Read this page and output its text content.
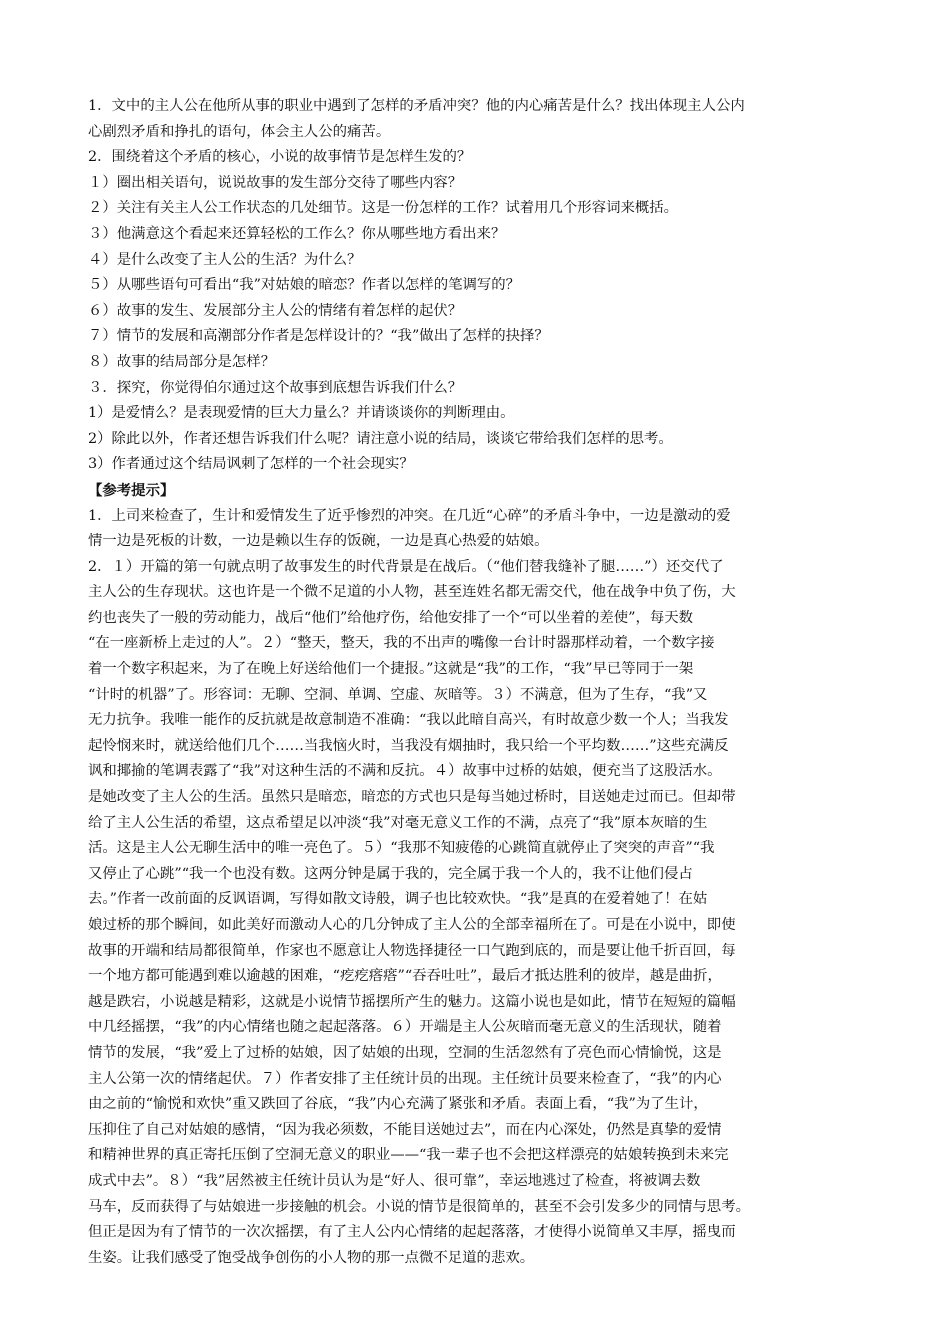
1．文中的主人公在他所从事的职业中遇到了怎样的矛盾冲突？他的内心痛苦是什么？找出体现主人公内
心剧烈矛盾和挣扎的语句，体会主人公的痛苦。
2．围绕着这个矛盾的核心，小说的故事情节是怎样生发的？
１）圈出相关语句，说说故事的发生部分交待了哪些内容？
２）关注有关主人公工作状态的几处细节。这是一份怎样的工作？试着用几个形容词来概括。
３）他满意这个看起来还算轻松的工作么？你从哪些地方看出来？
４）是什么改变了主人公的生活？为什么？
５）从哪些语句可看出“我”对姑娘的暗恋？作者以怎样的笔调写的？
６）故事的发生、发展部分主人公的情绪有着怎样的起伏？
７）情节的发展和高潮部分作者是怎样设计的？“我”做出了怎样的抉择？
８）故事的结局部分是怎样？
３．探究，你觉得伯尔通过这个故事到底想告诉我们什么？
1）是爱情么？是表现爱情的巨大力量么？并请谈谈你的判断理由。
2）除此以外，作者还想告诉我们什么呢？请注意小说的结局，谈谈它带给我们怎样的思考。
3）作者通过这个结局讽刺了怎样的一个社会现实？
【参考提示】
1．上司来检查了，生计和爱情发生了近乎惨烈的冲突。在几近“心碎”的矛盾斗争中，一边是激动的爱
情一边是死板的计数，一边是赖以生存的饭碗，一边是真心热爱的姑娘。
2．１）开篇的第一句就点明了故事发生的时代背景是在战后。（“他们替我缝补了腿……”）还交代了
主人公的生存现状。这也许是一个微不足道的小人物，甚至连姓名都无需交代，他在战争中负了伤，大
约也丧失了一般的劳动能力，战后“他们”给他疗伤，给他安排了一个“可以坐着的差使”，每天数
“在一座新桥上走过的人”。２）“整天，整天，我的不出声的嘴像一台计时器那样动着，一个数字接
着一个数字积起来，为了在晚上好送给他们一个捷报。”这就是“我”的工作，“我”早已等同于一架
“计时的机器”了。形容词：无聊、空洞、单调、空虚、灰暗等。３）不满意，但为了生存，“我”又
无力抗争。我唯一能作的反抗就是故意制造不准确：“我以此暗自高兴，有时故意少数一个人；当我发
起怜悯来时，就送给他们几个……当我恼火时，当我没有烟抽时，我只给一个平均数……”这些充满反
讽和揶揄的笔调表露了“我”对这种生活的不满和反抗。４）故事中过桥的姑娘，便充当了这股活水。
是她改变了主人公的生活。虽然只是暗恋，暗恋的方式也只是每当她过桥时，目送她走过而已。但却带
给了主人公生活的希望，这点希望足以冲淡“我”对毫无意义工作的不满，点亮了“我”原本灰暗的生
活。这是主人公无聊生活中的唯一亮色了。５）“我那不知疲倦的心跳简直就停止了突突的声音”“我
又停止了心跳”“我一个也没有数。这两分钟是属于我的，完全属于我一个人的，我不让他们侵占
去。”作者一改前面的反讽语调，写得如散文诗般，调子也比较欢快。“我”是真的在爱着她了！在姑
娘过桥的那个瞬间，如此美好而激动人心的几分钟成了主人公的全部幸福所在了。可是在小说中，即使
故事的开端和结局都很简单，作家也不愿意让人物选择捷径一口气跑到底的，而是要让他千折百回，每
一个地方都可能遇到难以逾越的困难，“疙疙瘩瘩”“吞吞吐吐”，最后才抵达胜利的彼岸，越是曲折，
越是跌宕，小说越是精彩，这就是小说情节摇摆所产生的魅力。这篇小说也是如此，情节在短短的篇幅
中几经摇摆，“我”的内心情绪也随之起起落落。６）开端是主人公灰暗而毫无意义的生活现状，随着
情节的发展，“我”爱上了过桥的姑娘，因了姑娘的出现，空洞的生活忽然有了亮色而心情愉悦，这是
主人公第一次的情绪起伏。７）作者安排了主任统计员的出现。主任统计员要来检查了，“我”的内心
由之前的“愉悦和欢快”重又跌回了谷底，“我”内心充满了紧张和矛盾。表面上看，“我”为了生计，
压抑住了自己对姑娘的感情，“因为我必须数，不能目送她过去”，而在内心深处，仍然是真挚的爱情
和精神世界的真正寄托压倒了空洞无意义的职业——“我一辈子也不会把这样漂亮的姑娘转换到未来完
成式中去”。８）“我”居然被主任统计员认为是“好人、很可靠”，幸运地逃过了检查，将被调去数
马车，反而获得了与姑娘进一步接触的机会。小说的情节是很简单的，甚至不会引发多少的同情与思考。
但正是因为有了情节的一次次摇摆，有了主人公内心情绪的起起落落，才使得小说简单又丰厚，摇曳而
生姿。让我们感受了饱受战争创伤的小人物的那一点微不足道的悲欢。
